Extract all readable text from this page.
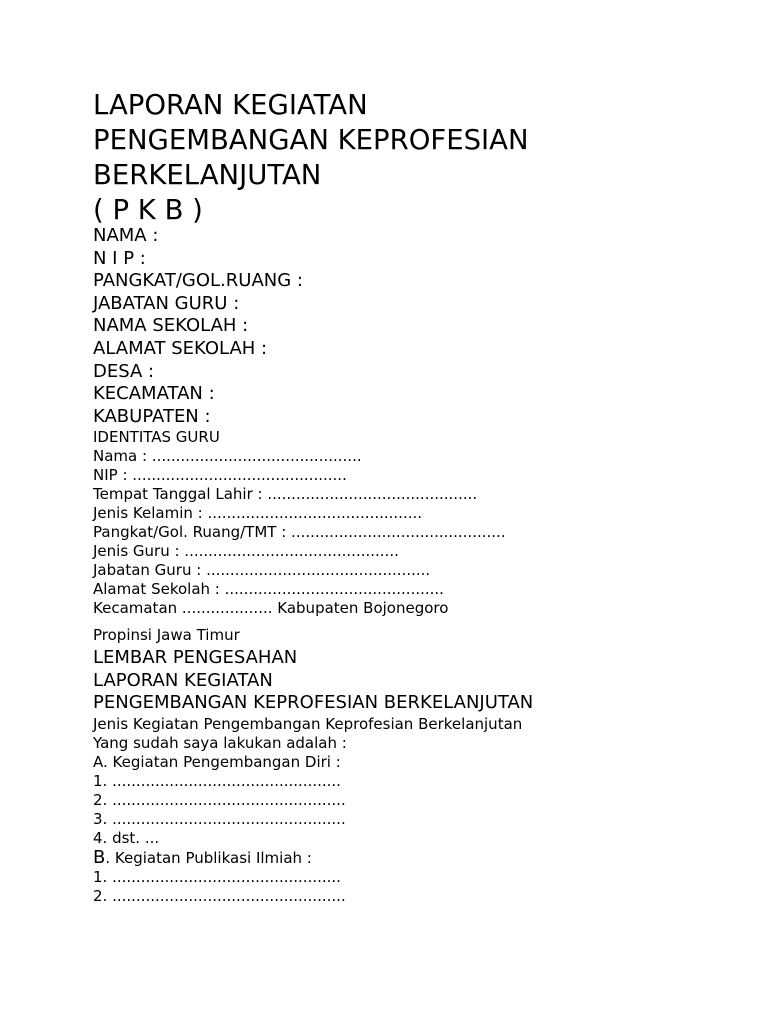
LAPORAN KEGIATAN
PENGEMBANGAN KEPROFESIAN
BERKELANJUTAN
( P K B )
NAMA :
N I P :
PANGKAT/GOL.RUANG :
JABATAN GURU :
NAMA SEKOLAH :
ALAMAT SEKOLAH :
DESA :
KECAMATAN :
KABUPATEN :
IDENTITAS GURU
Nama : ............................................
NIP : .............................................
Tempat Tanggal Lahir : ............................................
Jenis Kelamin : .............................................
Pangkat/Gol. Ruang/TMT : .............................................
Jenis Guru : .............................................
Jabatan Guru : ...............................................
Alamat Sekolah : ..............................................
Kecamatan ................... Kabupaten Bojonegoro
Propinsi Jawa Timur
LEMBAR PENGESAHAN
LAPORAN KEGIATAN
PENGEMBANGAN KEPROFESIAN BERKELANJUTAN
Jenis Kegiatan Pengembangan Keprofesian Berkelanjutan
Yang sudah saya lakukan adalah :
A. Kegiatan Pengembangan Diri :
1. ................................................
2. .................................................
3. .................................................
4. dst. ...
B. Kegiatan Publikasi Ilmiah :
1. ................................................
2. .................................................
